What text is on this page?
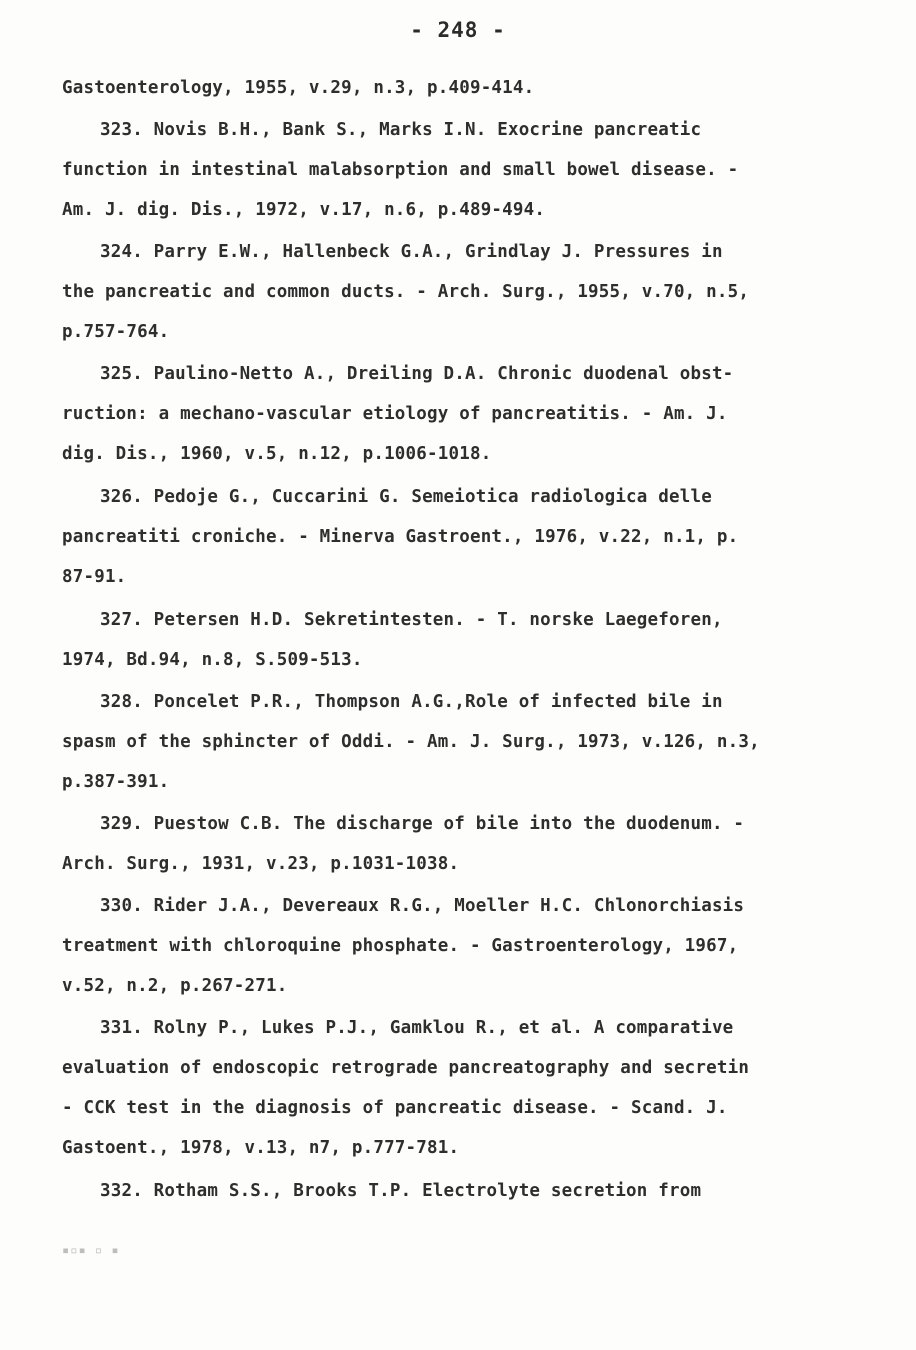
- 248 -
Gastoenterology, 1955, v.29, n.3, p.409-414.
323. Novis B.H., Bank S., Marks I.N. Exocrine pancreatic
function in intestinal malabsorption and small bowel disease. -
Am. J. dig. Dis., 1972, v.17, n.6, p.489-494.
324. Parry E.W., Hallenbeck G.A., Grindlay J. Pressures in
the pancreatic and common ducts. - Arch. Surg., 1955, v.70, n.5,
p.757-764.
325. Paulino-Netto A., Dreiling D.A. Chronic duodenal obst-
ruction: a mechano-vascular etiology of pancreatitis. - Am. J.
dig. Dis., 1960, v.5, n.12, p.1006-1018.
326. Pedoje G., Cuccarini G. Semeiotica radiologica delle
pancreatiti croniche. - Minerva Gastroent., 1976, v.22, n.1, p.
87-91.
327. Petersen H.D. Sekretintesten. - T. norske Laegeforen,
1974, Bd.94, n.8, S.509-513.
328. Poncelet P.R., Thompson A.G.,Role of infected bile in
spasm of the sphincter of Oddi. - Am. J. Surg., 1973, v.126, n.3,
p.387-391.
329. Puestow C.B. The discharge of bile into the duodenum. -
Arch. Surg., 1931, v.23, p.1031-1038.
330. Rider J.A., Devereaux R.G., Moeller H.C. Chlonorchiasis
treatment with chloroquine phosphate. - Gastroenterology, 1967,
v.52, n.2, p.267-271.
331. Rolny P., Lukes P.J., Gamklou R., et al. A comparative
evaluation of endoscopic retrograde pancreatography and secretin
- CCK test in the diagnosis of pancreatic disease. - Scand. J.
Gastoent., 1978, v.13, n7, p.777-781.
332. Rotham S.S., Brooks T.P. Electrolyte secretion from
▪▫▪ ▫ ▪
